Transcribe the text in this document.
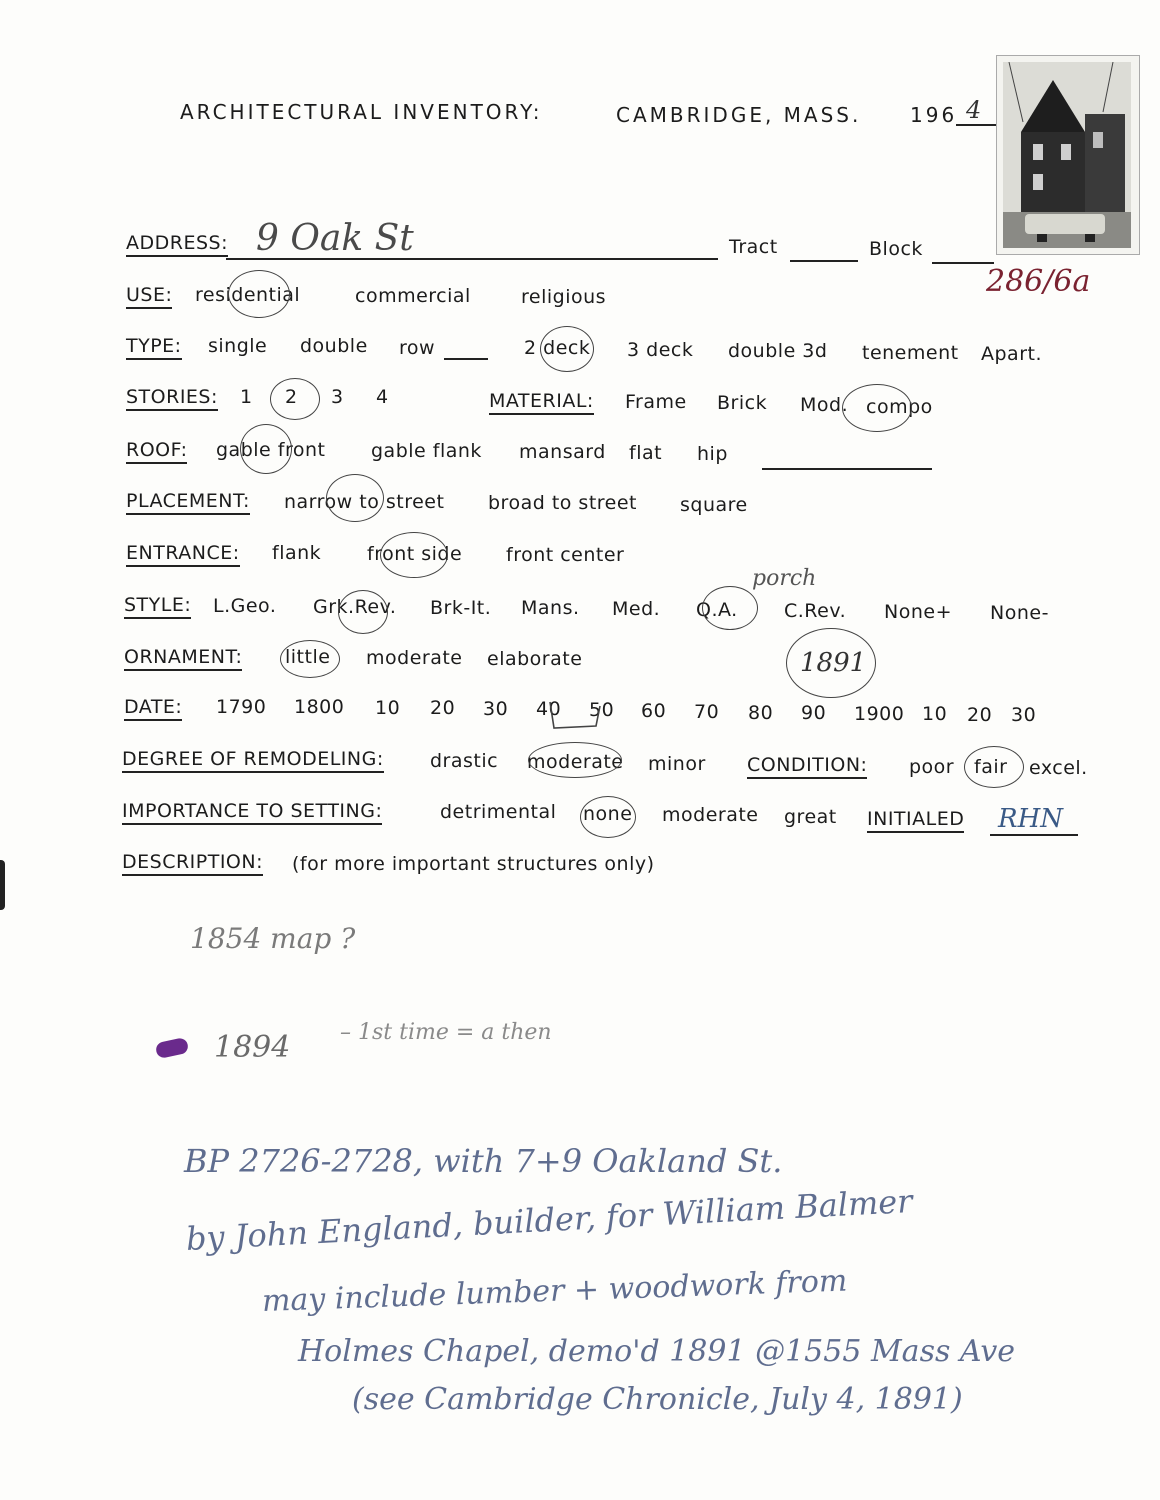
ARCHITECTURAL INVENTORY:	CAMBRIDGE, MASS. 196 4
286/6a
ADDRESS: 9 Oak St	Tract	Block
USE: residential	commercial	religious
TYPE: single double row	2 deck 3 deck double 3d tenement Apart.
STORIES: 1 2 3 4	MATERIAL: Frame Brick Mod. compo
ROOF: gable front gable flank mansard flat hip
PLACEMENT: narrow to street broad to street square
ENTRANCE: flank front side front center
STYLE: L.Geo. Grk.Rev. Brk-It. Mans. Med. Q.A. C.Rev. None+ None-
porch
ORNAMENT: little moderate elaborate	1891
DATE: 1790 1800 10 20 30 40 50 60 70 80 90 1900 10 20 30
DEGREE OF REMODELING: drastic moderate minor CONDITION: poor fair excel.
IMPORTANCE TO SETTING:	detrimental none moderate great INITIALED RHN
DESCRIPTION: (for more important structures only)
1854 map ?
1894 – 1st time = a then
BP 2726-2728, with 7+9 Oakland St.
by John England, builder, for William Balmer
may include lumber + woodwork from
Holmes Chapel, demo'd 1891 @1555 Mass Ave
(see Cambridge Chronicle, July 4, 1891)
